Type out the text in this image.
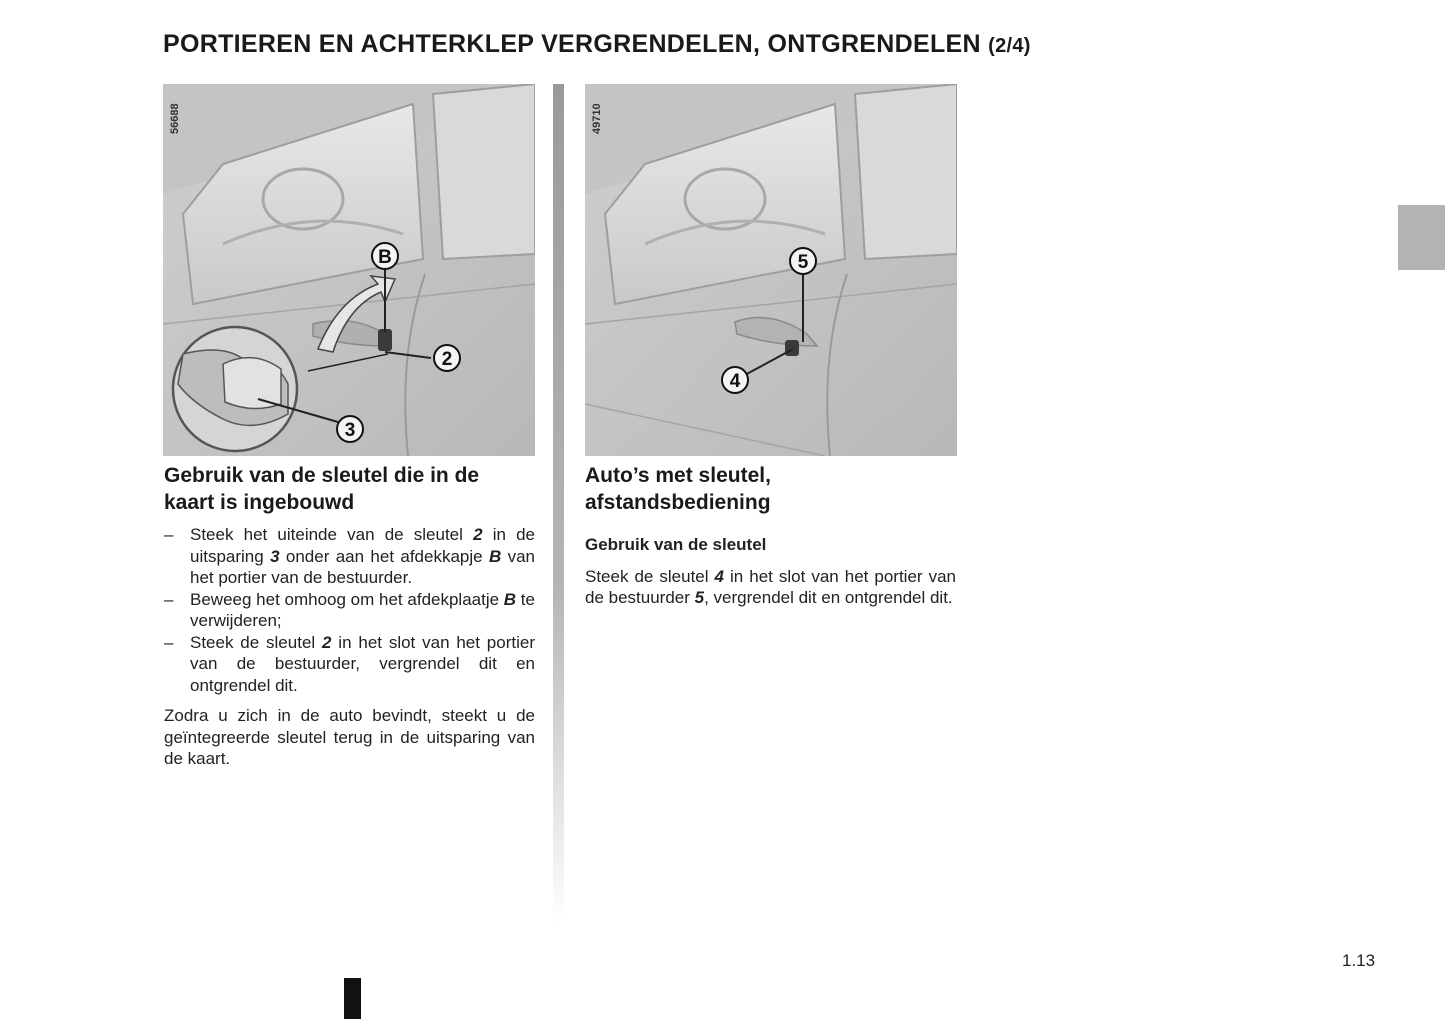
PORTIEREN EN ACHTERKLEP VERGRENDELEN, ONTGRENDELEN (2/4)
B
2
3
56688
5
4
49710
Gebruik van de sleutel die in de
kaart is ingebouwd
– Steek het uiteinde van de sleutel 2 in de uitsparing 3 onder aan het afdekkapje B van het portier van de bestuurder.
– Beweeg het omhoog om het afdekplaatje B te verwijderen;
– Steek de sleutel 2 in het slot van het portier van de bestuurder, vergrendel dit en ontgrendel dit.

Zodra u zich in de auto bevindt, steekt u de geïntegreerde sleutel terug in de uitsparing van de kaart.

Auto’s met sleutel,
afstandsbediening

Gebruik van de sleutel

Steek de sleutel 4 in het slot van het portier van de bestuurder 5, vergrendel dit en ontgrendel dit.

1.13
